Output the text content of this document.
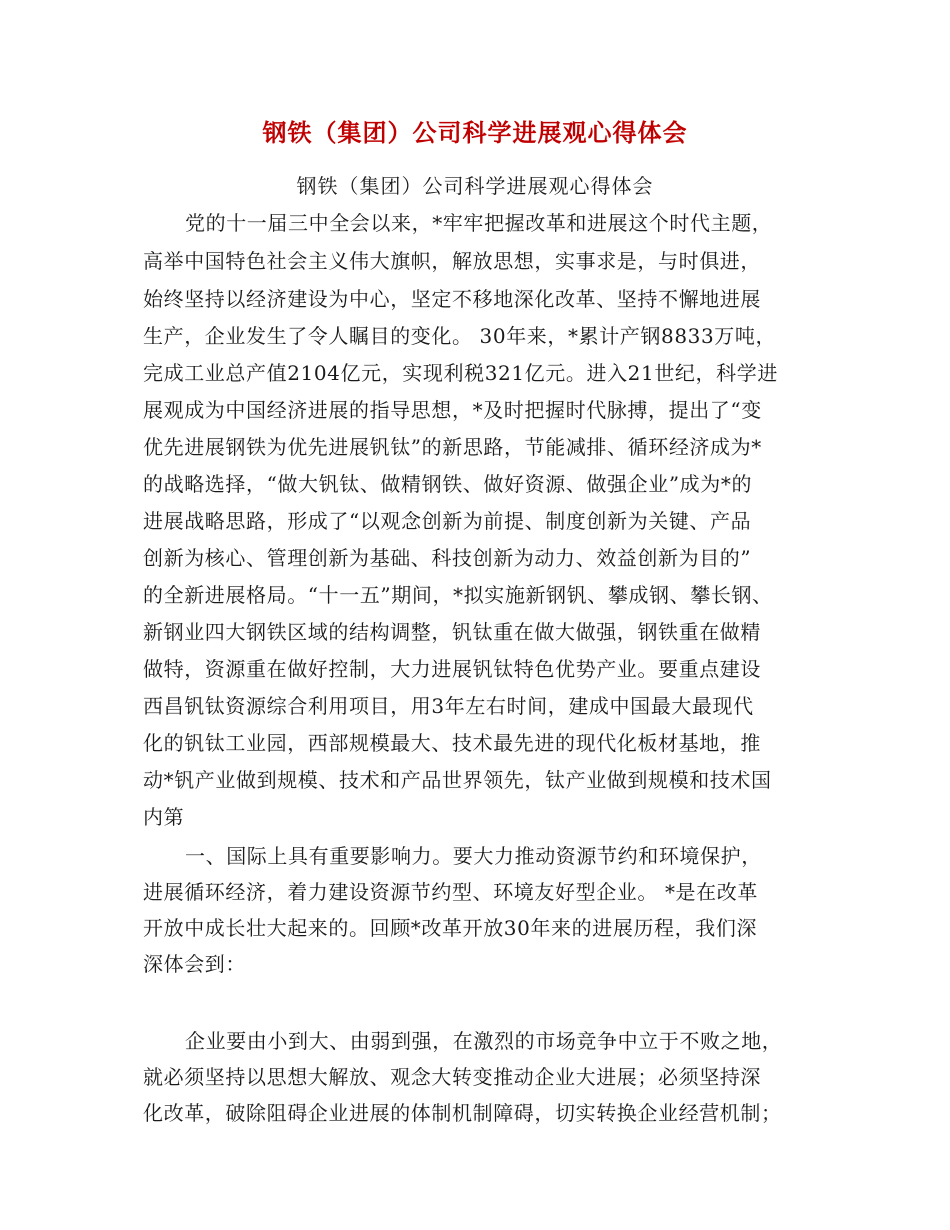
钢铁（集团）公司科学进展观心得体会
钢铁（集团）公司科学进展观心得体会
党的十一届三中全会以来，*牢牢把握改革和进展这个时代主题，
高举中国特色社会主义伟大旗帜，解放思想，实事求是，与时俱进，
始终坚持以经济建设为中心，坚定不移地深化改革、坚持不懈地进展
生产，企业发生了令人瞩目的变化。 30年来，*累计产钢8833万吨，
完成工业总产值2104亿元，实现利税321亿元。进入21世纪，科学进
展观成为中国经济进展的指导思想，*及时把握时代脉搏，提出了“变
优先进展钢铁为优先进展钒钛”的新思路，节能减排、循环经济成为*
的战略选择，“做大钒钛、做精钢铁、做好资源、做强企业”成为*的
进展战略思路，形成了“以观念创新为前提、制度创新为关键、产品
创新为核心、管理创新为基础、科技创新为动力、效益创新为目的”
的全新进展格局。“十一五”期间，*拟实施新钢钒、攀成钢、攀长钢、
新钢业四大钢铁区域的结构调整，钒钛重在做大做强，钢铁重在做精
做特，资源重在做好控制，大力进展钒钛特色优势产业。要重点建设
西昌钒钛资源综合利用项目，用3年左右时间，建成中国最大最现代
化的钒钛工业园，西部规模最大、技术最先进的现代化板材基地，推
动*钒产业做到规模、技术和产品世界领先，钛产业做到规模和技术国
内第
一、国际上具有重要影响力。要大力推动资源节约和环境保护，
进展循环经济，着力建设资源节约型、环境友好型企业。 *是在改革
开放中成长壮大起来的。回顾*改革开放30年来的进展历程，我们深
深体会到：
企业要由小到大、由弱到强，在激烈的市场竞争中立于不败之地，
就必须坚持以思想大解放、观念大转变推动企业大进展；必须坚持深
化改革，破除阻碍企业进展的体制机制障碍，切实转换企业经营机制；
